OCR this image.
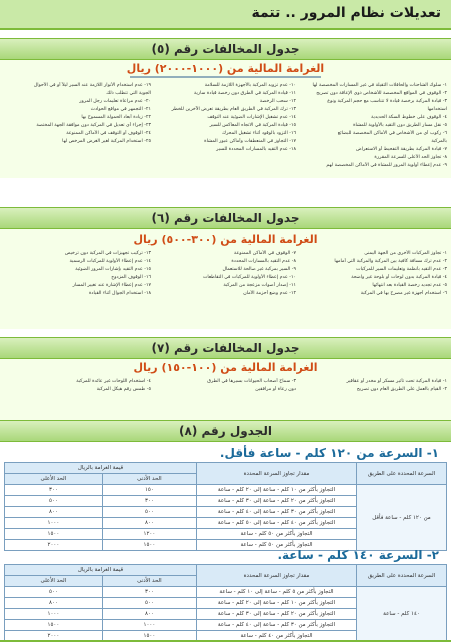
تعديلات نظام المرور .. تتمة
جدول المخالفات رقم (٥)
الغرامة المالية من (١٠٠٠-٢٠٠٠) ريال
١- سلوك الشاحنات والحافلات الثقيلة في غير المسارات المخصصة لها
٢- الوقوف في المواقع المخصصة للأشخاص ذوي الإعاقة دون تصريح
٣- قيادة المركبة برخصة قيادة لا تتناسب مع حجم المركبة ونوع
استخدامها
٤- الوقوف على خطوط السكة الحديدية
٥- نقل مسار الطريق دون التقيد بالأولوية للمشاة
٦- ركوب أي من الأشخاص في الأماكن المخصصة للبضائع
بالمركبة
٧- قيادة المركبة بطريقة التفحيط أو الاستعراض
٨- تجاوز الحد الأعلى للسرعة المقررة
٩- عدم إعطاء أولوية المرور للمشاة في الأماكن المخصصة لهم
١٠- عدم تزويد المركبة بالأجهزة اللازمة للسلامة
١١- قيادة المركبة في الطرق دون رخصة قيادة سارية
١٢- سحب الرخصة
١٣- ترك المركبة في الطريق العام بطريقة تعرض الآخرين للخطر
١٤- عدم تشغيل الإشارات الضوئية عند التوقف
١٥- قيادة المركبة في الاتجاه المعاكس للسير
١٦- التزود بالوقود أثناء تشغيل المحرك
١٧- التجاوز في المنعطفات وأماكن عبور المشاة
١٨- عدم التقيد بالمسارات المحددة للسير
١٩- عدم استخدام الأنوار اللازمة عند السير ليلاً أو في الأحوال
الجوية التي تتطلب ذلك
٢٠- عدم مراعاة تعليمات رجل المرور
٢١- التجمهر في مواقع الحوادث
٢٢- زيادة أبعاد الحمولة المسموح بها
٢٣- إجراء أي تعديل في المركبة دون موافقة الجهة المختصة
٢٤- الوقوف أو التوقف في الأماكن الممنوعة
٢٥- استخدام المركبة لغير الغرض المرخص لها
جدول المخالفات رقم (٦)
الغرامة المالية من (٣٠٠-٥٠٠) ريال
١- تجاوز المركبات الأخرى من الجهة اليمنى
٢- عدم ترك مسافة كافية بين المركبة والمركبة التي أمامها
٣- عدم التقيد بأنظمة وتعليمات السير للمركبات
٤- قيادة المركبة بدون لوحات أو بلوحة غير واضحة
٥- عدم تجديد رخصة القيادة بعد انتهائها
٦- استخدام أجهزة غير مصرح بها في المركبة
٧- الوقوف في الأماكن الممنوعة
٨- عدم التقيد بالمسارات المحددة
٩- السير بمركبة غير صالحة للاستعمال
١٠- عدم إعطاء الأولوية للمركبات في التقاطعات
١١- إصدار أصوات مزعجة من المركبة
١٢- عدم وضع أحزمة الأمان
١٣- تركيب تجهيزات في المركبة دون ترخيص
١٤- عدم إعطاء الأولوية للمركبات الرسمية
١٥- عدم التقيد بإشارات المرور الضوئية
١٦- الوقوف المزدوج
١٧- عدم إعطاء الإشارة عند تغيير المسار
١٨- استخدام الجوال أثناء القيادة
جدول المخالفات رقم (٧)
الغرامة المالية من (١٠٠-١٥٠) ريال
١- قيادة المركبة تحت تأثير مسكر أو مخدر أو عقاقير
٢- القيام بالعمل على الطريق العام دون تصريح
٣- سماح أصحاب الحيوانات بسيرها في الطرق
دون رعاة أو مرافقين
٤- استخدام اللوحات غير عائدة للمركبة
٥- طمس رقم هيكل المركبة
الجدول رقم (٨)
١- السرعة من ١٢٠ كلم - ساعة فأقل.
السرعة المحددة على الطريق	مقدار تجاوز السرعة المحددة	قيمة الغرامة بالريال	
		الحد الأدنى	الحد الأعلى
من ١٢٠ كلم - ساعة فأقل	التجاوز بأكثر من ١٠ كلم - ساعة إلى ٢٠ كلم - ساعة	١٥٠	٣٠٠
	التجاوز بأكثر من ٢٠ كلم - ساعة إلى ٣٠ كلم - ساعة	٣٠٠	٥٠٠
	التجاوز بأكثر من ٣٠ كلم - ساعة إلى ٤٠ كلم - ساعة	٥٠٠	٨٠٠
	التجاوز بأكثر من ٤٠ كلم - ساعة إلى ٥٠ كلم - ساعة	٨٠٠	١٠٠٠
	التجاوز بأكثر من ٥٠ كلم - ساعة	١٢٠٠	١٥٠٠
	التجاوز بأكثر من ٥٠ كلم - ساعة	١٥٠٠	٢٠٠٠
٢- السرعة ١٤٠ كلم - ساعة.
السرعة المحددة على الطريق	مقدار تجاوز السرعة المحددة	قيمة الغرامة بالريال	
		الحد الأدنى	الحد الأعلى
١٤٠ كلم - ساعة	التجاوز بأكثر من ٥ كلم - ساعة إلى ١٠ كلم - ساعة	٣٠٠	٥٠٠
	التجاوز بأكثر من ١٠ كلم - ساعة إلى ٢٠ كلم - ساعة	٥٠٠	٨٠٠
	التجاوز بأكثر من ٢٠ كلم - ساعة إلى ٣٠ كلم - ساعة	٨٠٠	١٠٠٠
	التجاوز بأكثر من ٣٠ كلم - ساعة إلى ٤٠ كلم - ساعة	١٠٠٠	١٥٠٠
	التجاوز بأكثر من ٤٠ كلم - ساعة	١٥٠٠	٢٠٠٠
